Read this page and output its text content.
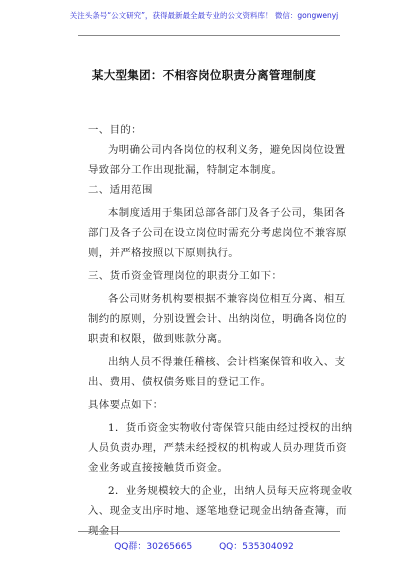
关注头条号“公文研究”，获得最新最全最专业的公文资料库！ 微信：gongwenyj
某大型集团：不相容岗位职责分离管理制度

一、目的：

为明确公司内各岗位的权利义务，避免因岗位设置导致部分工作出现批漏，特制定本制度。

二、适用范围

本制度适用于集团总部各部门及各子公司，集团各部门及各子公司在设立岗位时需充分考虑岗位不兼容原则，并严格按照以下原则执行。

三、货币资金管理岗位的职责分工如下：

各公司财务机构要根据不兼容岗位相互分离、相互制约的原则，分别设置会计、出纳岗位，明确各岗位的职责和权限，做到账款分离。

出纳人员不得兼任稽核、会计档案保管和收入、支出、费用、债权债务账目的登记工作。

具体要点如下：

1．货币资金实物收付寄保管只能由经过授权的出纳人员负责办理，严禁未经授权的机构或人员办理货币资金业务或直接接触货币资金。

2．业务规模较大的企业，出纳人员每天应将现金收入、现金支出序时地、逐笔地登记现金出纳备查簿，而现金日

QQ群：30265665	QQ：535304092
